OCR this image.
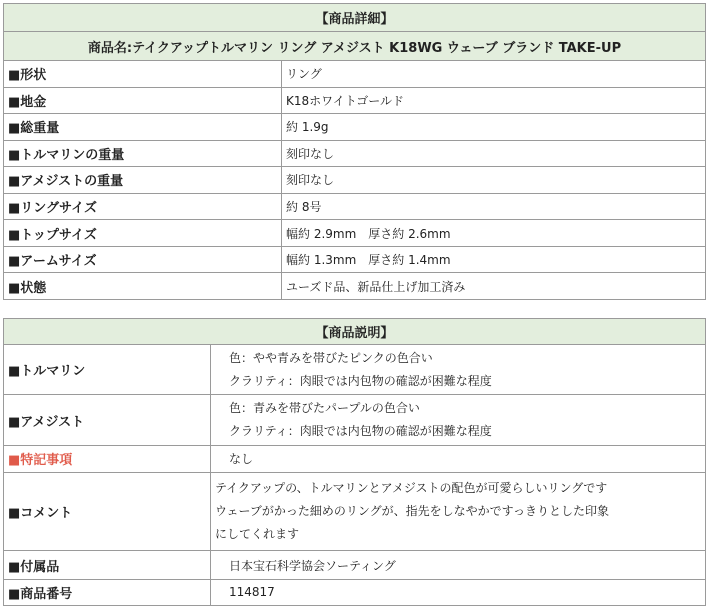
【商品詳細】	
商品名:テイクアップトルマリン リング アメジスト K18WG ウェーブ ブランド TAKE-UP	
■形状	リング
■地金	K18ホワイトゴールド
■総重量	約 1.9g
■トルマリンの重量	刻印なし
■アメジストの重量	刻印なし
■リングサイズ	約 8号
■トップサイズ	幅約 2.9mm　厚さ約 2.6mm
■アームサイズ	幅約 1.3mm　厚さ約 1.4mm
■状態	ユーズド品、新品仕上げ加工済み
【商品説明】	
■トルマリン	色：やや青みを帯びたピンクの色合い
クラリティ：肉眼では内包物の確認が困難な程度

■アメジスト	色：青みを帯びたパープルの色合い
クラリティ：肉眼では内包物の確認が困難な程度

■特記事項	なし
■コメント	テイクアップの、トルマリンとアメジストの配色が可愛らしいリングです
ウェーブがかった細めのリングが、指先をしなやかですっきりとした印象
にしてくれます

■付属品	日本宝石科学協会ソーティング
■商品番号	114817
